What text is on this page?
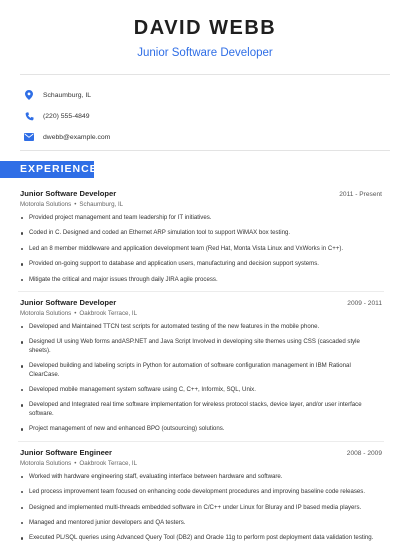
DAVID WEBB
Junior Software Developer
Schaumburg, IL
(220) 555-4849
dwebb@example.com
EXPERIENCE
Junior Software Developer	2011 - Present
Motorola Solutions • Schaumburg, IL
Provided project management and team leadership for IT initiatives.
Coded in C. Designed and coded an Ethernet ARP simulation tool to support WiMAX box testing.
Led an 8 member middleware and application development team (Red Hat, Monta Vista Linux and VxWorks in C++).
Provided on-going support to database and application users, manufacturing and decision support systems.
Mitigate the critical and major issues through daily JIRA agile process.
Junior Software Developer	2009 - 2011
Motorola Solutions • Oakbrook Terrace, IL
Developed and Maintained TTCN test scripts for automated testing of the new features in the mobile phone.
Designed UI using Web forms andASP.NET and Java Script Involved in developing site themes using CSS (cascaded style sheets).
Developed building and labeling scripts in Python for automation of software configuration management in IBM Rational ClearCase.
Developed mobile management system software using C, C++, Informix, SQL, Unix.
Developed and Integrated real time software implementation for wireless protocol stacks, device layer, and/or user interface software.
Project management of new and enhanced BPO (outsourcing) solutions.
Junior Software Engineer	2008 - 2009
Motorola Solutions • Oakbrook Terrace, IL
Worked with hardware engineering staff, evaluating interface between hardware and software.
Led process improvement team focused on enhancing code development procedures and improving baseline code releases.
Designed and implemented multi-threads embedded software in C/C++ under Linux for Bluray and IP based media players.
Managed and mentored junior developers and QA testers.
Executed PL/SQL queries using Advanced Query Tool (DB2) and Oracle 11g to perform post deployment data validation testing.
